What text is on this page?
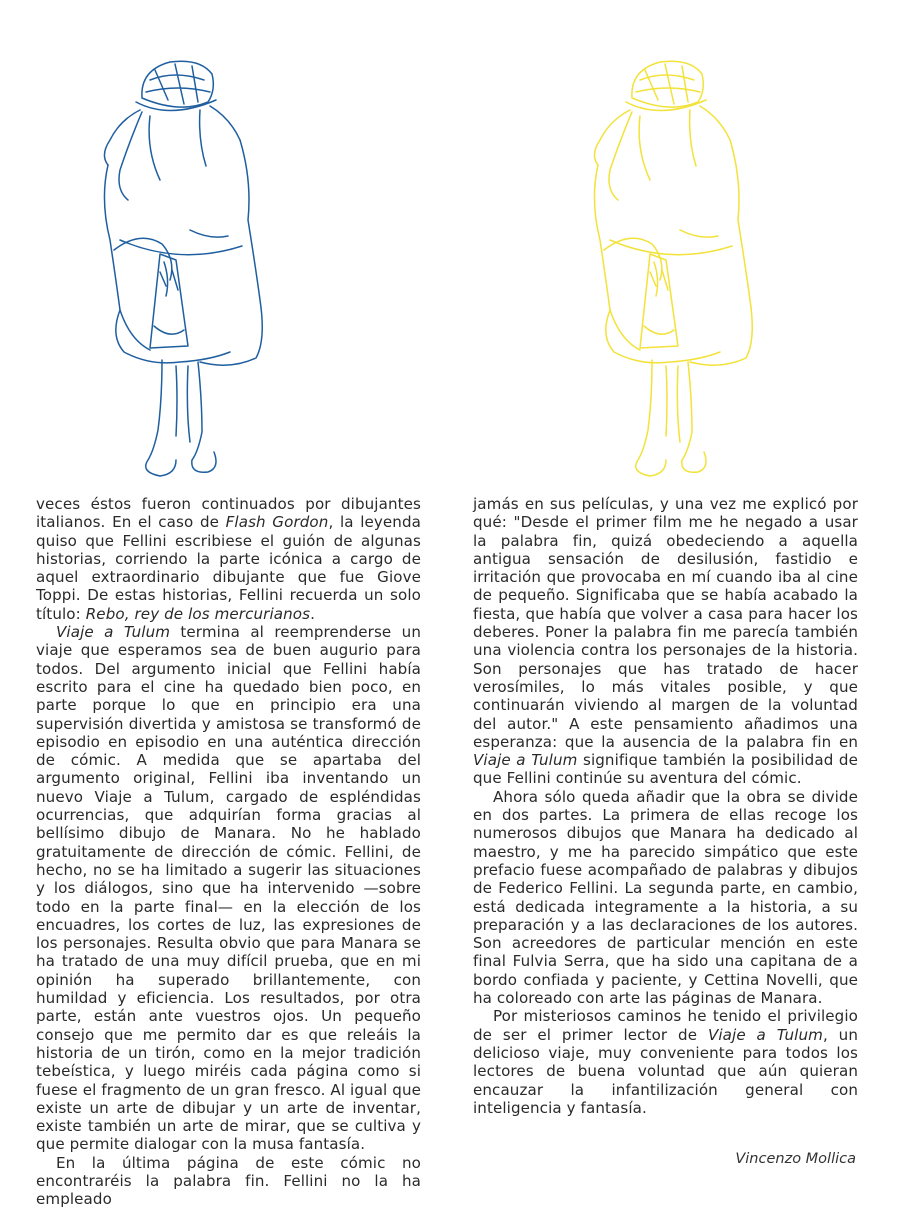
veces éstos fueron continuados por dibujantes italianos. En el caso de Flash Gordon, la leyenda quiso que Fellini escribiese el guión de algunas historias, corriendo la parte icónica a cargo de aquel extraordinario dibujante que fue Giove Toppi. De estas historias, Fellini recuerda un solo título: Rebo, rey de los mercurianos.

Viaje a Tulum termina al reemprenderse un viaje que esperamos sea de buen augurio para todos. Del argumento inicial que Fellini había escrito para el cine ha quedado bien poco, en parte porque lo que en principio era una supervisión divertida y amistosa se transformó de episodio en episodio en una auténtica dirección de cómic. A medida que se apartaba del argumento original, Fellini iba inventando un nuevo Viaje a Tulum, cargado de espléndidas ocurrencias, que adquirían forma gracias al bellísimo dibujo de Manara. No he hablado gratuitamente de dirección de cómic. Fellini, de hecho, no se ha limitado a sugerir las situaciones y los diálogos, sino que ha intervenido —sobre todo en la parte final— en la elección de los encuadres, los cortes de luz, las expresiones de los personajes. Resulta obvio que para Manara se ha tratado de una muy difícil prueba, que en mi opinión ha superado brillantemente, con humildad y eficiencia. Los resultados, por otra parte, están ante vuestros ojos. Un pequeño consejo que me permito dar es que releáis la historia de un tirón, como en la mejor tradición tebeística, y luego miréis cada página como si fuese el fragmento de un gran fresco. Al igual que existe un arte de dibujar y un arte de inventar, existe también un arte de mirar, que se cultiva y que permite dialogar con la musa fantasía.

En la última página de este cómic no encontraréis la palabra fin. Fellini no la ha empleado

jamás en sus películas, y una vez me explicó por qué: "Desde el primer film me he negado a usar la palabra fin, quizá obedeciendo a aquella antigua sensación de desilusión, fastidio e irritación que provocaba en mí cuando iba al cine de pequeño. Significaba que se había acabado la fiesta, que había que volver a casa para hacer los deberes. Poner la palabra fin me parecía también una violencia contra los personajes de la historia. Son personajes que has tratado de hacer verosímiles, lo más vitales posible, y que continuarán viviendo al margen de la voluntad del autor." A este pensamiento añadimos una esperanza: que la ausencia de la palabra fin en Viaje a Tulum signifique también la posibilidad de que Fellini continúe su aventura del cómic.

Ahora sólo queda añadir que la obra se divide en dos partes. La primera de ellas recoge los numerosos dibujos que Manara ha dedicado al maestro, y me ha parecido simpático que este prefacio fuese acompañado de palabras y dibujos de Federico Fellini. La segunda parte, en cambio, está dedicada integramente a la historia, a su preparación y a las declaraciones de los autores. Son acreedores de particular mención en este final Fulvia Serra, que ha sido una capitana de a bordo confiada y paciente, y Cettina Novelli, que ha coloreado con arte las páginas de Manara.

Por misteriosos caminos he tenido el privilegio de ser el primer lector de Viaje a Tulum, un delicioso viaje, muy conveniente para todos los lectores de buena voluntad que aún quieran encauzar la infantilización general con inteligencia y fantasía.

Vincenzo Mollica
